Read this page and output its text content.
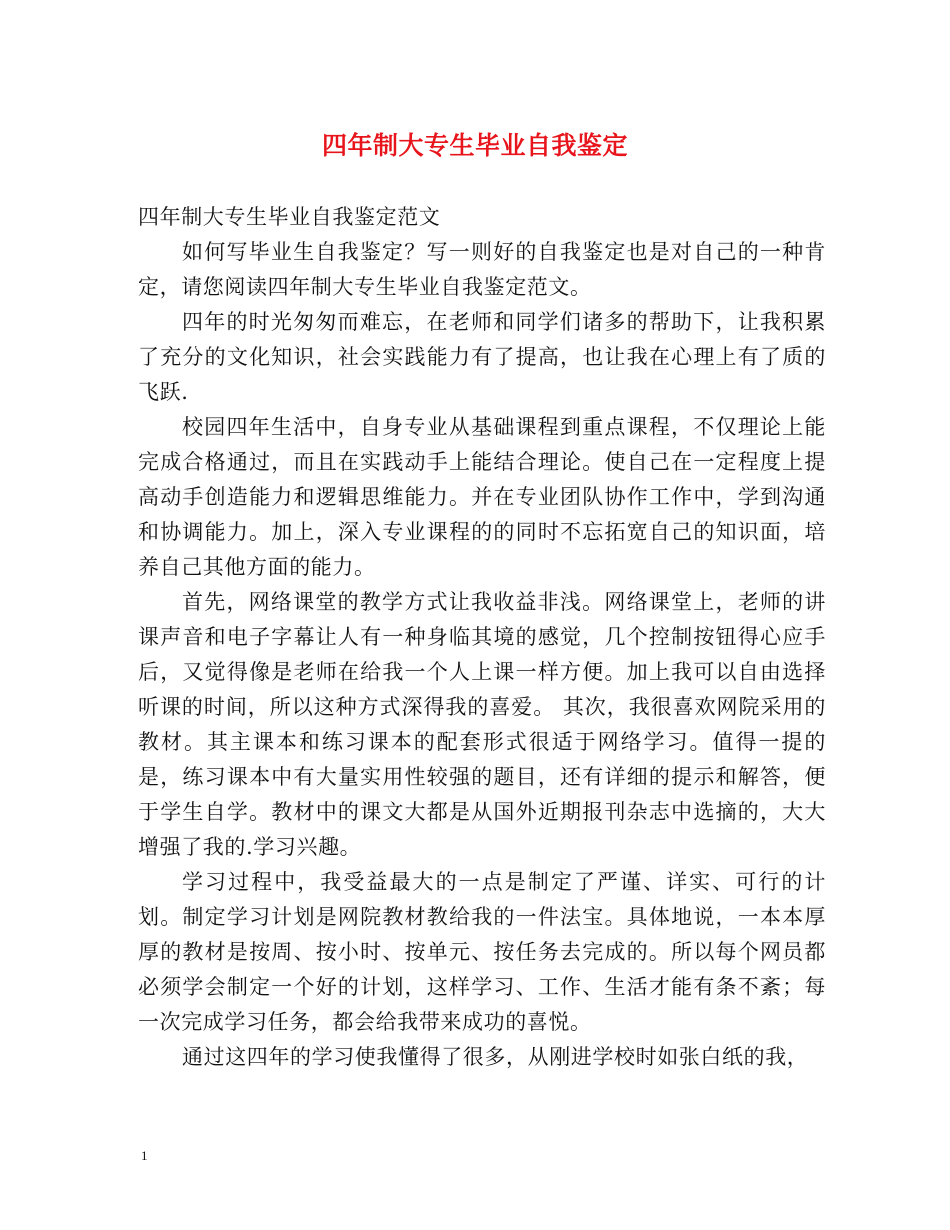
四年制大专生毕业自我鉴定

四年制大专生毕业自我鉴定范文

如何写毕业生自我鉴定？写一则好的自我鉴定也是对自己的一种肯定，请您阅读四年制大专生毕业自我鉴定范文。

四年的时光匆匆而难忘，在老师和同学们诸多的帮助下，让我积累了充分的文化知识，社会实践能力有了提高，也让我在心理上有了质的飞跃.

校园四年生活中，自身专业从基础课程到重点课程，不仅理论上能完成合格通过，而且在实践动手上能结合理论。使自己在一定程度上提高动手创造能力和逻辑思维能力。并在专业团队协作工作中，学到沟通和协调能力。加上，深入专业课程的的同时不忘拓宽自己的知识面，培养自己其他方面的能力。

首先，网络课堂的教学方式让我收益非浅。网络课堂上，老师的讲课声音和电子字幕让人有一种身临其境的感觉，几个控制按钮得心应手后，又觉得像是老师在给我一个人上课一样方便。加上我可以自由选择听课的时间，所以这种方式深得我的喜爱。 其次，我很喜欢网院采用的教材。其主课本和练习课本的配套形式很适于网络学习。值得一提的是，练习课本中有大量实用性较强的题目，还有详细的提示和解答，便于学生自学。教材中的课文大都是从国外近期报刊杂志中选摘的，大大增强了我的.学习兴趣。

学习过程中，我受益最大的一点是制定了严谨、详实、可行的计划。制定学习计划是网院教材教给我的一件法宝。具体地说，一本本厚厚的教材是按周、按小时、按单元、按任务去完成的。所以每个网员都必须学会制定一个好的计划，这样学习、工作、生活才能有条不紊；每一次完成学习任务，都会给我带来成功的喜悦。

通过这四年的学习使我懂得了很多，从刚进学校时如张白纸的我，

1
